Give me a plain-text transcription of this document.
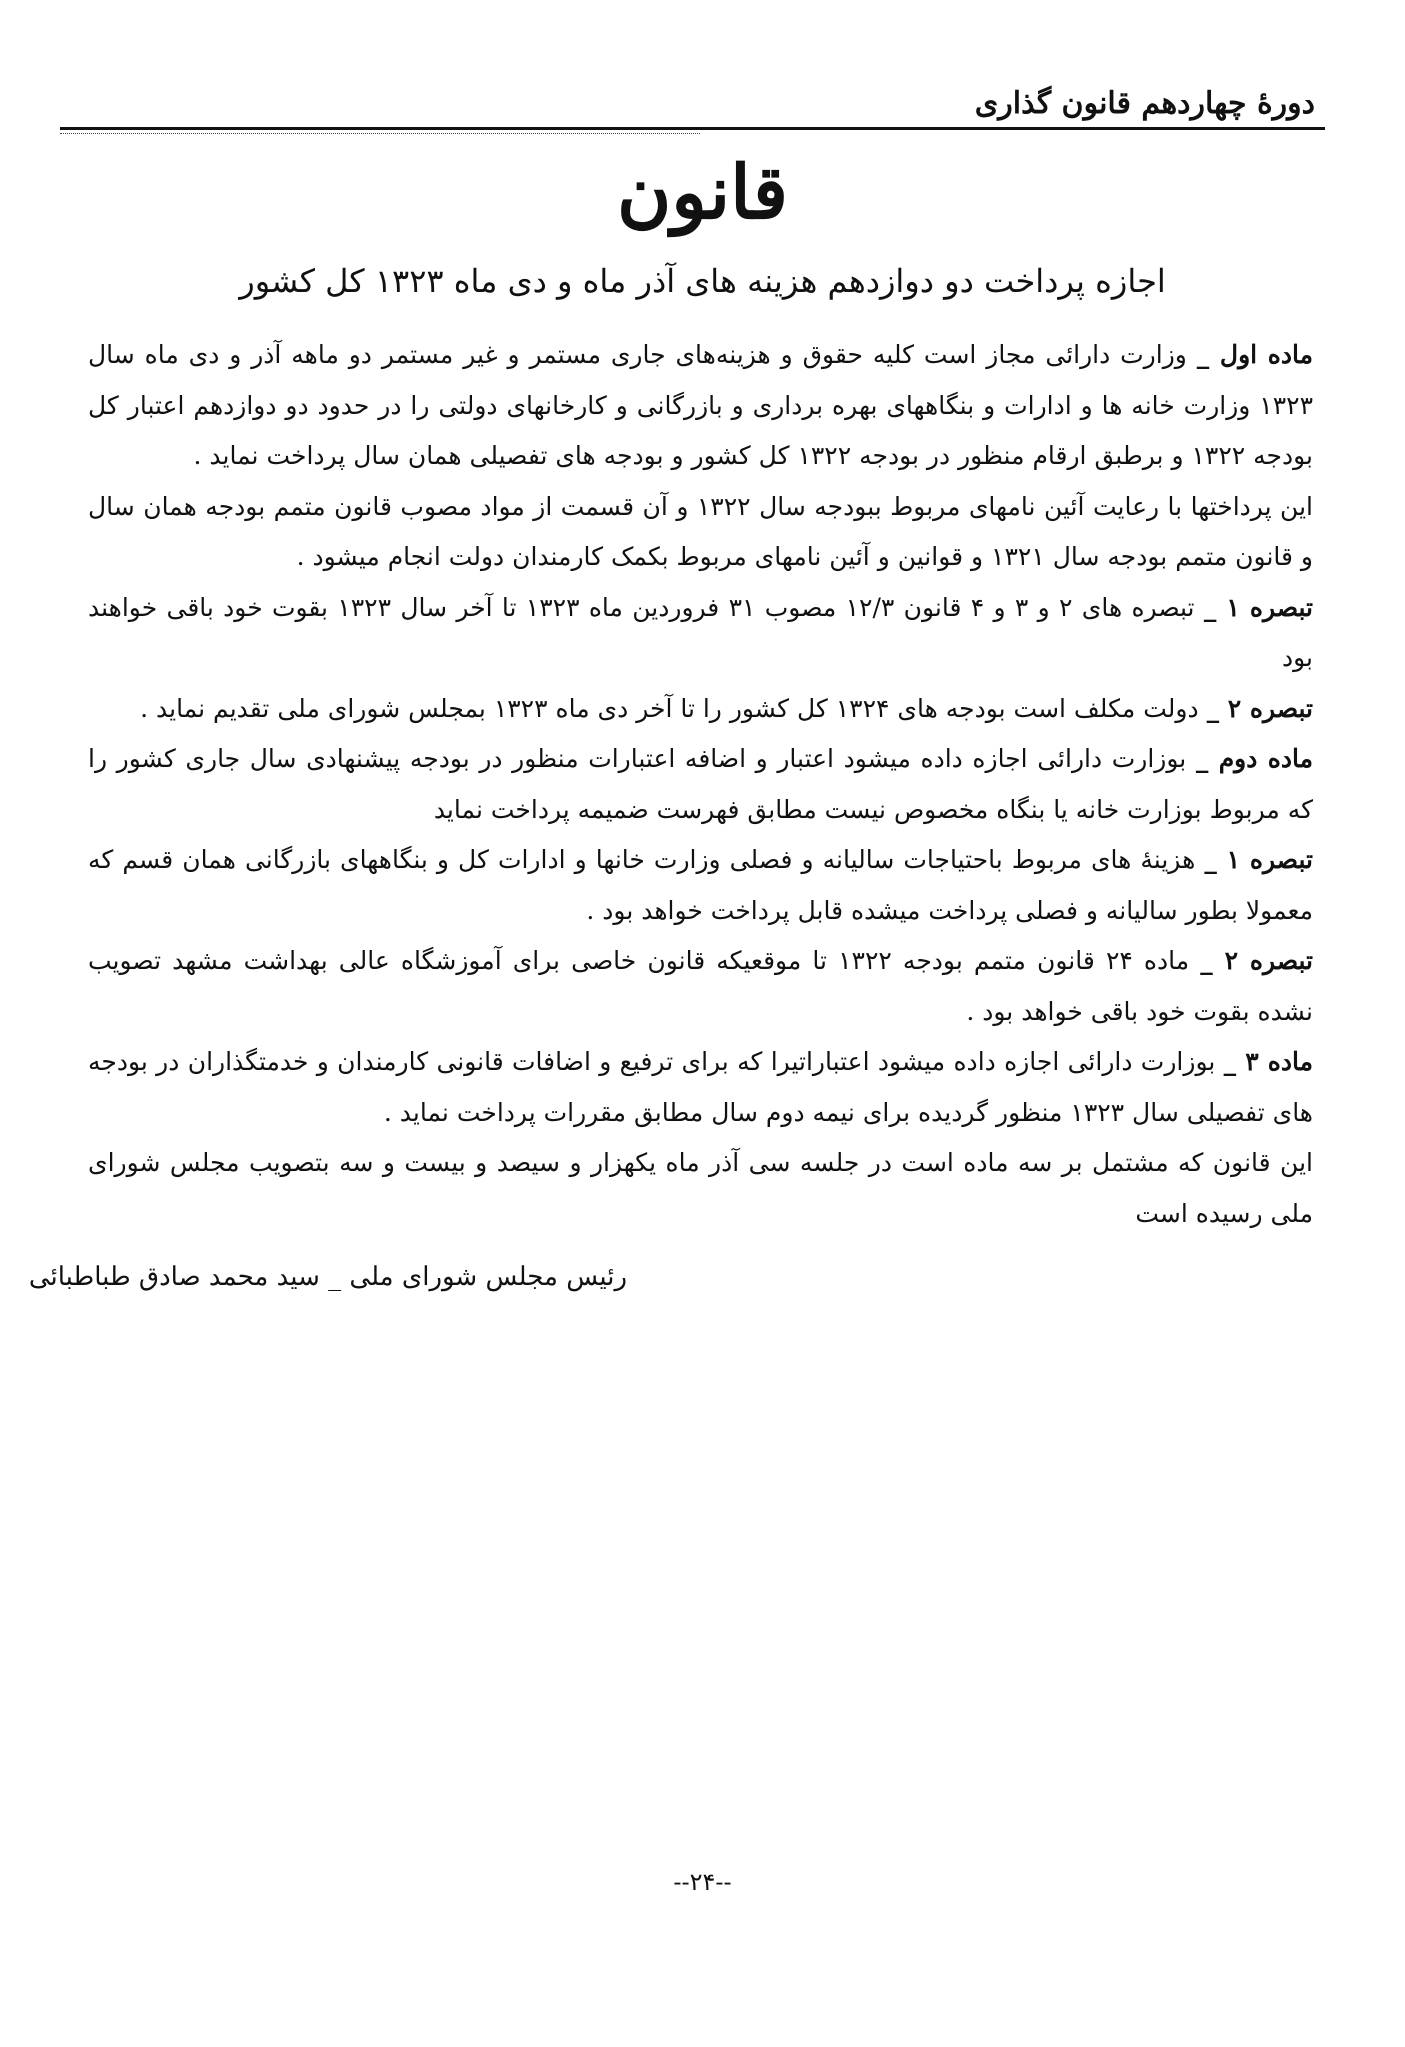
دورهٔ چهاردهم قانون گذاری
قانون
اجازه پرداخت دو دوازدهم هزینه های آذر ماه و دی ماه ۱۳۲۳ کل کشور

ماده اول _ وزارت دارائی مجاز است کلیه حقوق و هزینه‌های جاری مستمر و غیر مستمر دو ماهه آذر و دی ماه سال ۱۳۲۳ وزارت خانه ها و ادارات و بنگاههای بهره برداری و بازرگانی و کارخانهای دولتی را در حدود دو دوازدهم اعتبار کل بودجه ۱۳۲۲ و برطبق ارقام منظور در بودجه ۱۳۲۲ کل کشور و بودجه های تفصیلی همان سال پرداخت نماید .

این پرداختها با رعایت آئین نامهای مربوط ببودجه سال ۱۳۲۲ و آن قسمت از مواد مصوب قانون متمم بودجه همان سال و قانون متمم بودجه سال ۱۳۲۱ و قوانین و آئین نامهای مربوط بکمک کارمندان دولت انجام میشود .

تبصره ۱ _ تبصره های ۲ و ۳ و ۴ قانون ۱۲/۳ مصوب ۳۱ فروردین ماه ۱۳۲۳ تا آخر سال ۱۳۲۳ بقوت خود باقی خواهند بود

تبصره ۲ _ دولت مکلف است بودجه های ۱۳۲۴ کل کشور را تا آخر دی ماه ۱۳۲۳ بمجلس شورای ملی تقدیم نماید .

ماده دوم _ بوزارت دارائی اجازه داده میشود اعتبار و اضافه اعتبارات منظور در بودجه پیشنهادی سال جاری کشور را که مربوط بوزارت خانه یا بنگاه مخصوص نیست مطابق فهرست ضمیمه پرداخت نماید

تبصره ۱ _ هزینهٔ های مربوط باحتیاجات سالیانه و فصلی وزارت خانها و ادارات کل و بنگاههای بازرگانی همان قسم که معمولا بطور سالیانه و فصلی پرداخت میشده قابل پرداخت خواهد بود .

تبصره ۲ _ ماده ۲۴ قانون متمم بودجه ۱۳۲۲ تا موقعیکه قانون خاصی برای آموزشگاه عالی بهداشت مشهد تصویب نشده بقوت خود باقی خواهد بود .

ماده ۳ _ بوزارت دارائی اجازه داده میشود اعتباراتیرا که برای ترفیع و اضافات قانونی کارمندان و خدمتگذاران در بودجه های تفصیلی سال ۱۳۲۳ منظور گردیده برای نیمه دوم سال مطابق مقررات پرداخت نماید .

این قانون که مشتمل بر سه ماده است در جلسه سی آذر ماه یکهزار و سیصد و بیست و سه بتصویب مجلس شورای ملی رسیده است

رئیس مجلس شورای ملی _ سید محمد صادق طباطبائی
--۲۴--
